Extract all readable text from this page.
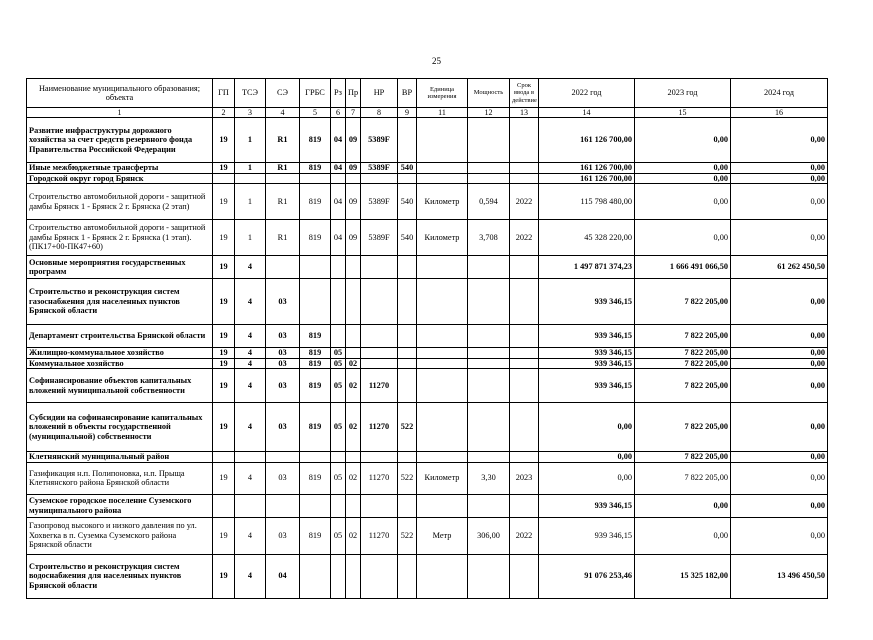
25
Наименование муниципального образования; объекта	ГП	ТСЭ	СЭ	ГРБС	Рз	Пр	НР	ВР	Единица измерения	Мощность	Срок ввода в действие	2022 год	2023 год	2024 год
1	2	3	4	5	6	7	8	9	11	12	13	14	15	16
Развитие инфраструктуры дорожного хозяйства за счет средств резервного фонда Правительства Российской Федерации	19	1	R1	819	04	09	5389F					161 126 700,00	0,00	0,00
Иные межбюджетные трансферты	19	1	R1	819	04	09	5389F	540				161 126 700,00	0,00	0,00
Городской округ город Брянск												161 126 700,00	0,00	0,00
Строительство автомобильной дороги - защитной дамбы Брянск 1 - Брянск 2 г. Брянска (2 этап)	19	1	R1	819	04	09	5389F	540	Километр	0,594	2022	115 798 480,00	0,00	0,00
Строительство автомобильной дороги - защитной дамбы Брянск 1 - Брянск 2 г. Брянска (1 этап). (ПК17+00-ПК47+60)	19	1	R1	819	04	09	5389F	540	Километр	3,708	2022	45 328 220,00	0,00	0,00
Основные мероприятия государственных программ	19	4										1 497 871 374,23	1 666 491 066,50	61 262 450,50
Строительство и реконструкция систем газоснабжения для населенных пунктов Брянской области	19	4	03									939 346,15	7 822 205,00	0,00
Департамент строительства Брянской области	19	4	03	819								939 346,15	7 822 205,00	0,00
Жилищно-коммунальное хозяйство	19	4	03	819	05							939 346,15	7 822 205,00	0,00
Коммунальное хозяйство	19	4	03	819	05	02						939 346,15	7 822 205,00	0,00
Софинансирование объектов капитальных вложений муниципальной собственности	19	4	03	819	05	02	11270					939 346,15	7 822 205,00	0,00
Субсидии на софинансирование капитальных вложений в объекты государственной (муниципальной) собственности	19	4	03	819	05	02	11270	522				0,00	7 822 205,00	0,00
Клетнянский муниципальный район												0,00	7 822 205,00	0,00
Газификация н.п. Полипоновка, н.п. Прыща Клетнянского района Брянской области	19	4	03	819	05	02	11270	522	Километр	3,30	2023	0,00	7 822 205,00	0,00
Суземское городское поселение Суземского муниципального района												939 346,15	0,00	0,00
Газопровод высокого и низкого давления по ул. Хохвегка в п. Суземка Суземского района Брянской области	19	4	03	819	05	02	11270	522	Метр	306,00	2022	939 346,15	0,00	0,00
Строительство и реконструкция систем водоснабжения для населенных пунктов Брянской области	19	4	04									91 076 253,46	15 325 182,00	13 496 450,50
